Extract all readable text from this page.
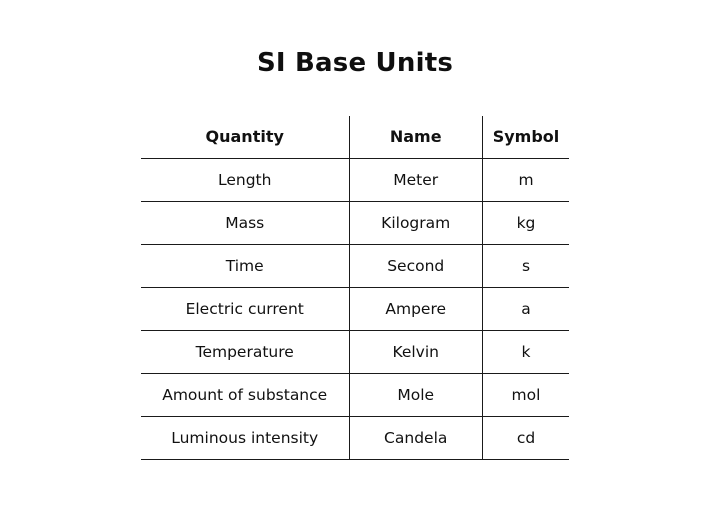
SI Base Units
Quantity	Name	Symbol

Length	Meter	m

Mass	Kilogram	kg

Time	Second	s

Electric current	Ampere	a

Temperature	Kelvin	k

Amount of substance	Mole	mol

Luminous intensity	Candela	cd
